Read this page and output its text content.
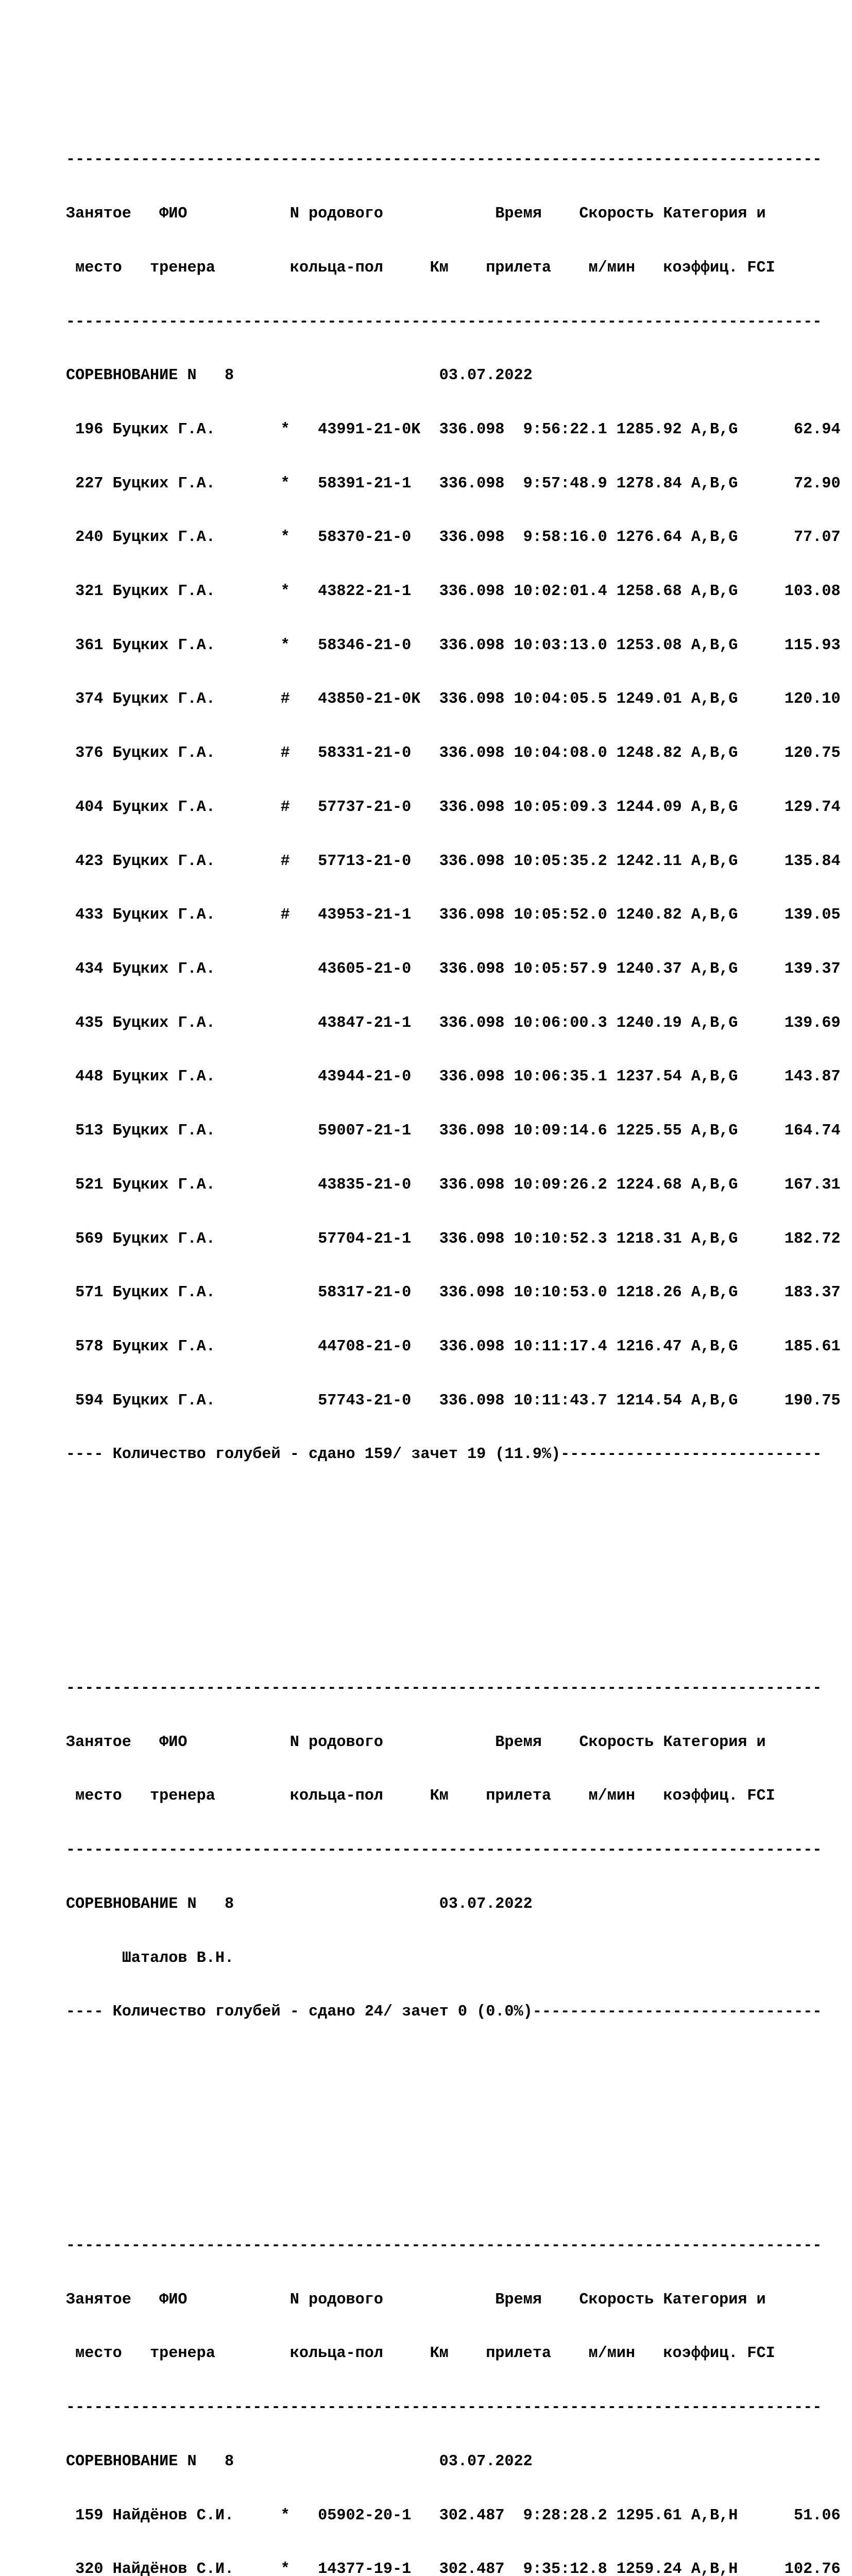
---------------------------------------------------------------------------------

Занятое   ФИО           N родового            Время    Скорость Категория и

место   тренера        кольца-пол     Км    прилета    м/мин   коэффиц. FCI

---------------------------------------------------------------------------------

СОРЕВНОВАНИЕ N   8                      03.07.2022

196 Буцких Г.А.       *   43991-21-0K  336.098  9:56:22.1 1285.92 A,B,G      62.94

227 Буцких Г.А.       *   58391-21-1   336.098  9:57:48.9 1278.84 A,B,G      72.90

240 Буцких Г.А.       *   58370-21-0   336.098  9:58:16.0 1276.64 A,B,G      77.07

321 Буцких Г.А.       *   43822-21-1   336.098 10:02:01.4 1258.68 A,B,G     103.08

361 Буцких Г.А.       *   58346-21-0   336.098 10:03:13.0 1253.08 A,B,G     115.93

374 Буцких Г.А.       #   43850-21-0K  336.098 10:04:05.5 1249.01 A,B,G     120.10

376 Буцких Г.А.       #   58331-21-0   336.098 10:04:08.0 1248.82 A,B,G     120.75

404 Буцких Г.А.       #   57737-21-0   336.098 10:05:09.3 1244.09 A,B,G     129.74

423 Буцких Г.А.       #   57713-21-0   336.098 10:05:35.2 1242.11 A,B,G     135.84

433 Буцких Г.А.       #   43953-21-1   336.098 10:05:52.0 1240.82 A,B,G     139.05

434 Буцких Г.А.           43605-21-0   336.098 10:05:57.9 1240.37 A,B,G     139.37

435 Буцких Г.А.           43847-21-1   336.098 10:06:00.3 1240.19 A,B,G     139.69

448 Буцких Г.А.           43944-21-0   336.098 10:06:35.1 1237.54 A,B,G     143.87

513 Буцких Г.А.           59007-21-1   336.098 10:09:14.6 1225.55 A,B,G     164.74

521 Буцких Г.А.           43835-21-0   336.098 10:09:26.2 1224.68 A,B,G     167.31

569 Буцких Г.А.           57704-21-1   336.098 10:10:52.3 1218.31 A,B,G     182.72

571 Буцких Г.А.           58317-21-0   336.098 10:10:53.0 1218.26 A,B,G     183.37

578 Буцких Г.А.           44708-21-0   336.098 10:11:17.4 1216.47 A,B,G     185.61

594 Буцких Г.А.           57743-21-0   336.098 10:11:43.7 1214.54 A,B,G     190.75

---- Количество голубей - сдано 159/ зачет 19 (11.9%)----------------------------

---------------------------------------------------------------------------------

Занятое   ФИО           N родового            Время    Скорость Категория и

место   тренера        кольца-пол     Км    прилета    м/мин   коэффиц. FCI

---------------------------------------------------------------------------------

СОРЕВНОВАНИЕ N   8                      03.07.2022

Шаталов В.Н.

---- Количество голубей - сдано 24/ зачет 0 (0.0%)-------------------------------

---------------------------------------------------------------------------------

Занятое   ФИО           N родового            Время    Скорость Категория и

место   тренера        кольца-пол     Км    прилета    м/мин   коэффиц. FCI

---------------------------------------------------------------------------------

СОРЕВНОВАНИЕ N   8                      03.07.2022

159 Найдёнов С.И.     *   05902-20-1   302.487  9:28:28.2 1295.61 A,B,H      51.06

320 Найдёнов С.И.     *   14377-19-1   302.487  9:35:12.8 1259.24 A,B,H     102.76
